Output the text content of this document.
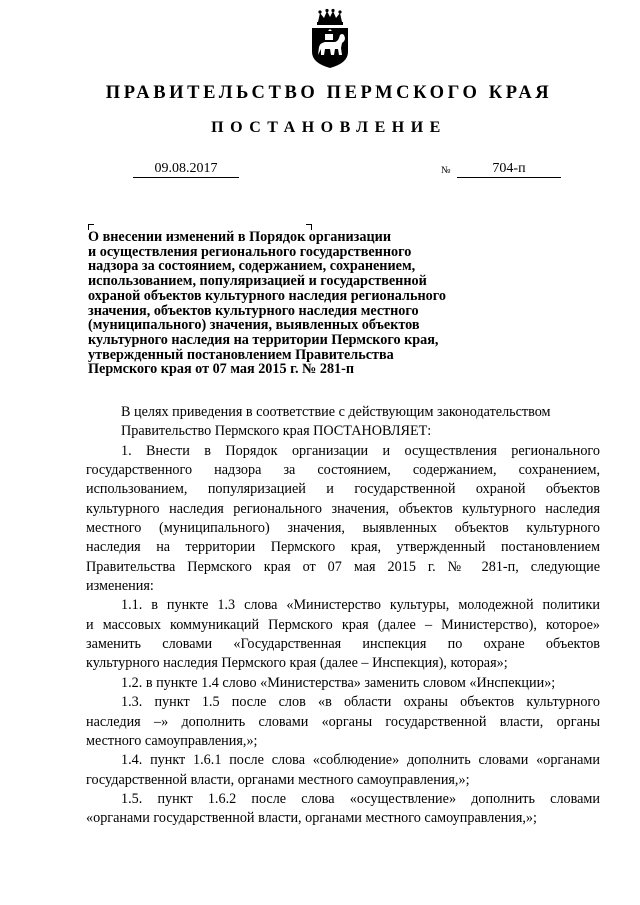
ПРАВИТЕЛЬСТВО ПЕРМСКОГО КРАЯ
ПОСТАНОВЛЕНИЕ
09.08.2017	№	704-п
О внесении изменений в Порядок организации
и осуществления регионального государственного
надзора за состоянием, содержанием, сохранением,
использованием, популяризацией и государственной
охраной объектов культурного наследия регионального
значения, объектов культурного наследия местного
(муниципального) значения, выявленных объектов
культурного наследия на территории Пермского края,
утвержденный постановлением Правительства
Пермского края от 07 мая 2015 г. № 281-п
В целях приведения в соответствие с действующим законодательством
Правительство Пермского края ПОСТАНОВЛЯЕТ:
1. Внести в Порядок организации и осуществления регионального
государственного надзора за состоянием, содержанием, сохранением,
использованием, популяризацией и государственной охраной объектов
культурного наследия регионального значения, объектов культурного наследия
местного (муниципального) значения, выявленных объектов культурного
наследия на территории Пермского края, утвержденный постановлением
Правительства Пермского края от 07 мая 2015 г. № 281-п, следующие
изменения:
1.1. в пункте 1.3 слова «Министерство культуры, молодежной политики
и массовых коммуникаций Пермского края (далее – Министерство), которое»
заменить словами «Государственная инспекция по охране объектов
культурного наследия Пермского края (далее – Инспекция), которая»;
1.2. в пункте 1.4 слово «Министерства» заменить словом «Инспекции»;
1.3. пункт 1.5 после слов «в области охраны объектов культурного
наследия –» дополнить словами «органы государственной власти, органы
местного самоуправления,»;
1.4. пункт 1.6.1 после слова «соблюдение» дополнить словами «органами
государственной власти, органами местного самоуправления,»;
1.5. пункт 1.6.2 после слова «осуществление» дополнить словами
«органами государственной власти, органами местного самоуправления,»;
